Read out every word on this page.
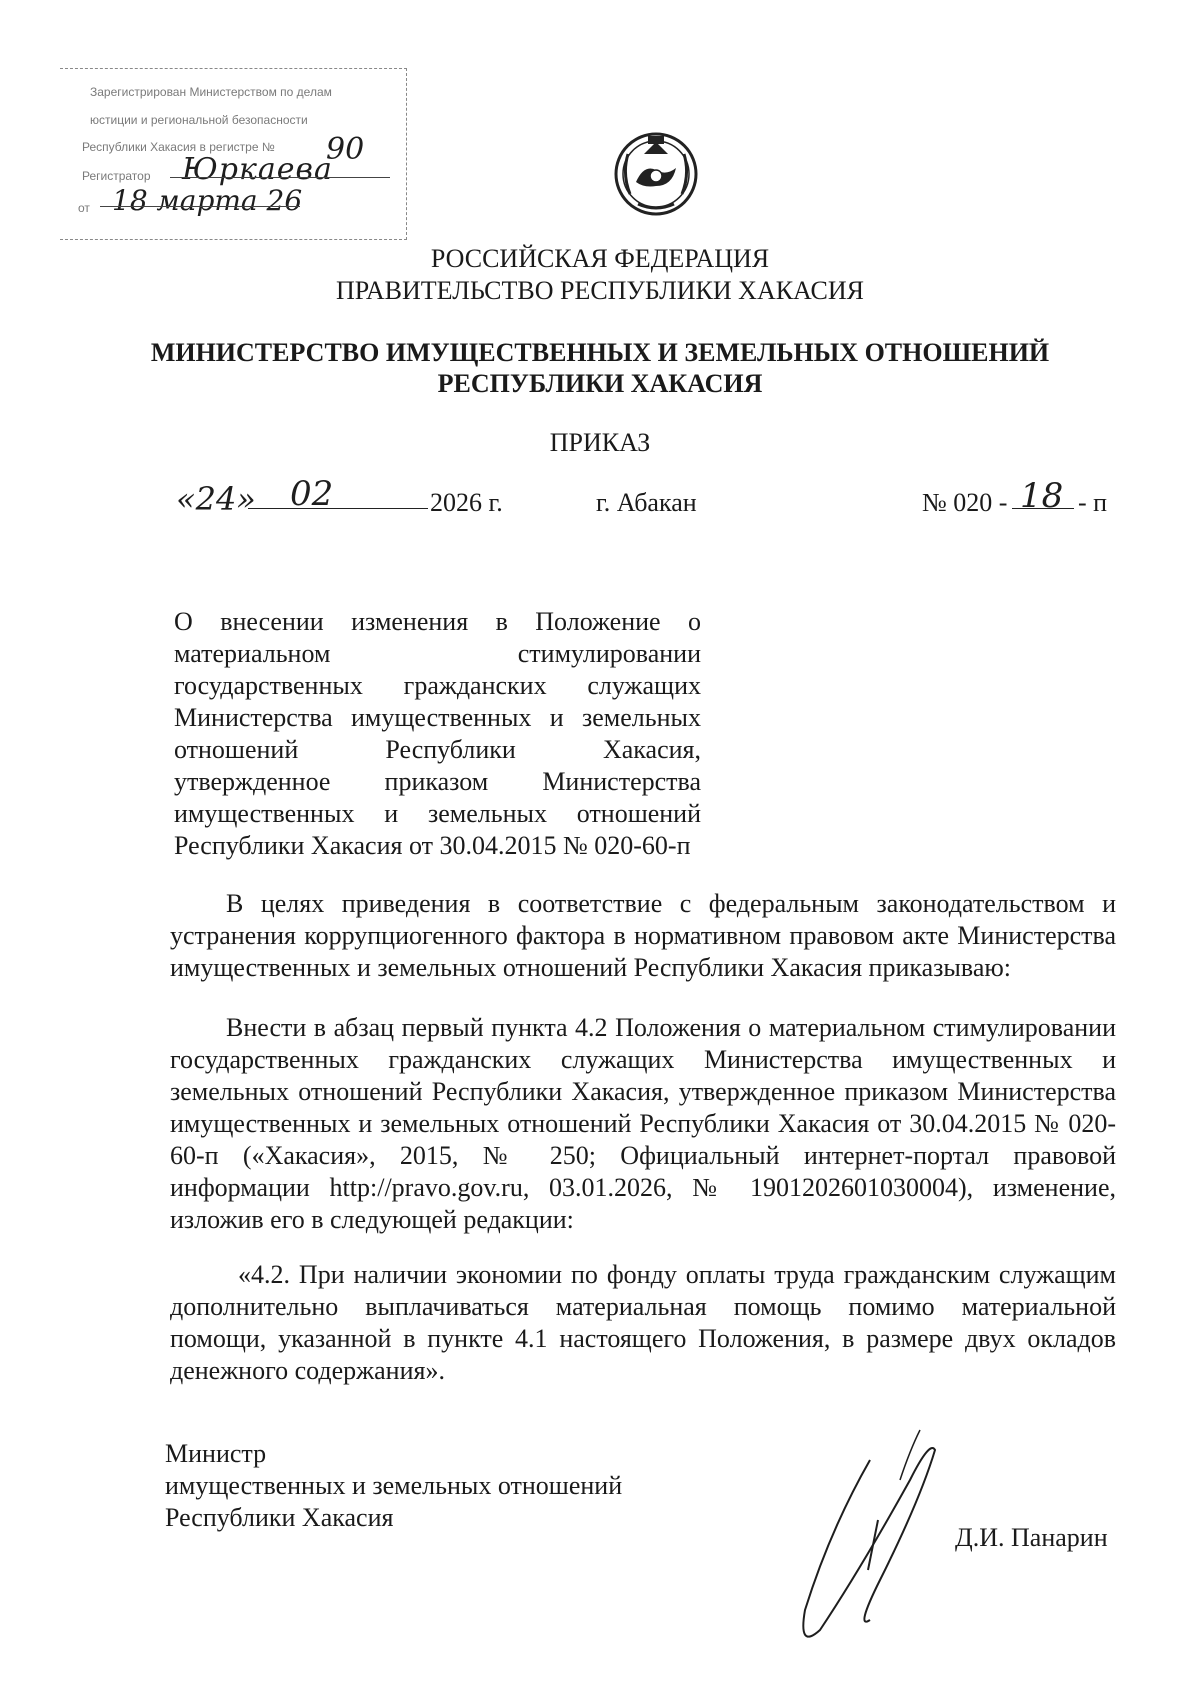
Зарегистрирован Министерством по делам
юстиции и региональной безопасности
Республики Хакасия в регистре №
Регистратор
от
90
Юркаева
18 марта 26
РОССИЙСКАЯ ФЕДЕРАЦИЯ
ПРАВИТЕЛЬСТВО РЕСПУБЛИКИ ХАКАСИЯ
МИНИСТЕРСТВО ИМУЩЕСТВЕННЫХ И ЗЕМЕЛЬНЫХ ОТНОШЕНИЙ
РЕСПУБЛИКИ ХАКАСИЯ
ПРИКАЗ
«24» 02	2026 г.	г. Абакан	№ 020 - 18 - п
О внесении изменения в Положение о
материальном стимулировании
государственных гражданских служащих
Министерства имущественных и земельных
отношений Республики Хакасия,
утвержденное приказом Министерства
имущественных и земельных отношений
Республики Хакасия от 30.04.2015 № 020-60-п
В целях приведения в соответствие с федеральным законодательством и устранения коррупциогенного фактора в нормативном правовом акте Министерства имущественных и земельных отношений Республики Хакасия приказываю:
Внести в абзац первый пункта 4.2 Положения о материальном стимулировании государственных гражданских служащих Министерства имущественных и земельных отношений Республики Хакасия, утвержденное приказом Министерства имущественных и земельных отношений Республики Хакасия от 30.04.2015 № 020-60-п («Хакасия», 2015, № 250; Официальный интернет-портал правовой информации http://pravo.gov.ru, 03.01.2026, № 1901202601030004), изменение, изложив его в следующей редакции:
«4.2. При наличии экономии по фонду оплаты труда гражданским служащим дополнительно выплачиваться материальная помощь помимо материальной помощи, указанной в пункте 4.1 настоящего Положения, в размере двух окладов денежного содержания».
Министр
имущественных и земельных отношений
Республики Хакасия
Д.И. Панарин
